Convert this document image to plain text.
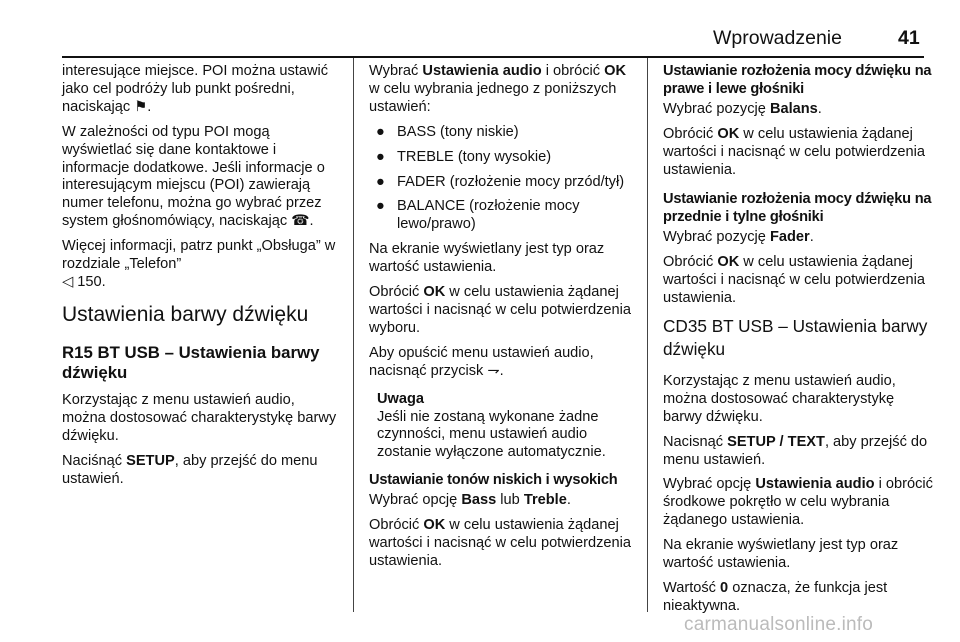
Wprowadzenie	41

interesujące miejsce. POI można ustawić jako cel podróży lub punkt pośredni, naciskając ⚑.

W zależności od typu POI mogą wyświetlać się dane kontaktowe i informacje dodatkowe. Jeśli informacje o interesującym miejscu (POI) zawierają numer telefonu, można go wybrać przez system głośnomówiący, naciskając ☎.

Więcej informacji, patrz punkt „Obsługa” w rozdziale „Telefon”
◁ 150.

Ustawienia barwy dźwięku

R15 BT USB – Ustawienia barwy dźwięku

Korzystając z menu ustawień audio, można dostosować charakterystykę barwy dźwięku.

Naciśnąć SETUP, aby przejść do menu ustawień.

Wybrać Ustawienia audio i obrócić OK w celu wybrania jednego z poniższych ustawień:

● BASS (tony niskie)
● TREBLE (tony wysokie)
● FADER (rozłożenie mocy przód/tył)
● BALANCE (rozłożenie mocy lewo/prawo)

Na ekranie wyświetlany jest typ oraz wartość ustawienia.

Obrócić OK w celu ustawienia żądanej wartości i nacisnąć w celu potwierdzenia wyboru.

Aby opuścić menu ustawień audio, nacisnąć przycisk ⇁.

Uwaga
Jeśli nie zostaną wykonane żadne czynności, menu ustawień audio zostanie wyłączone automatycznie.

Ustawianie tonów niskich i wysokich

Wybrać opcję Bass lub Treble.

Obrócić OK w celu ustawienia żądanej wartości i nacisnąć w celu potwierdzenia ustawienia.

Ustawianie rozłożenia mocy dźwięku na prawe i lewe głośniki

Wybrać pozycję Balans.

Obrócić OK w celu ustawienia żądanej wartości i nacisnąć w celu potwierdzenia ustawienia.

Ustawianie rozłożenia mocy dźwięku na przednie i tylne głośniki

Wybrać pozycję Fader.

Obrócić OK w celu ustawienia żądanej wartości i nacisnąć w celu potwierdzenia ustawienia.

CD35 BT USB – Ustawienia barwy dźwięku

Korzystając z menu ustawień audio, można dostosować charakterystykę barwy dźwięku.

Nacisnąć SETUP / TEXT, aby przejść do menu ustawień.

Wybrać opcję Ustawienia audio i obrócić środkowe pokrętło w celu wybrania żądanego ustawienia.

Na ekranie wyświetlany jest typ oraz wartość ustawienia.

Wartość 0 oznacza, że funkcja jest nieaktywna.

carmanualsonline.info
